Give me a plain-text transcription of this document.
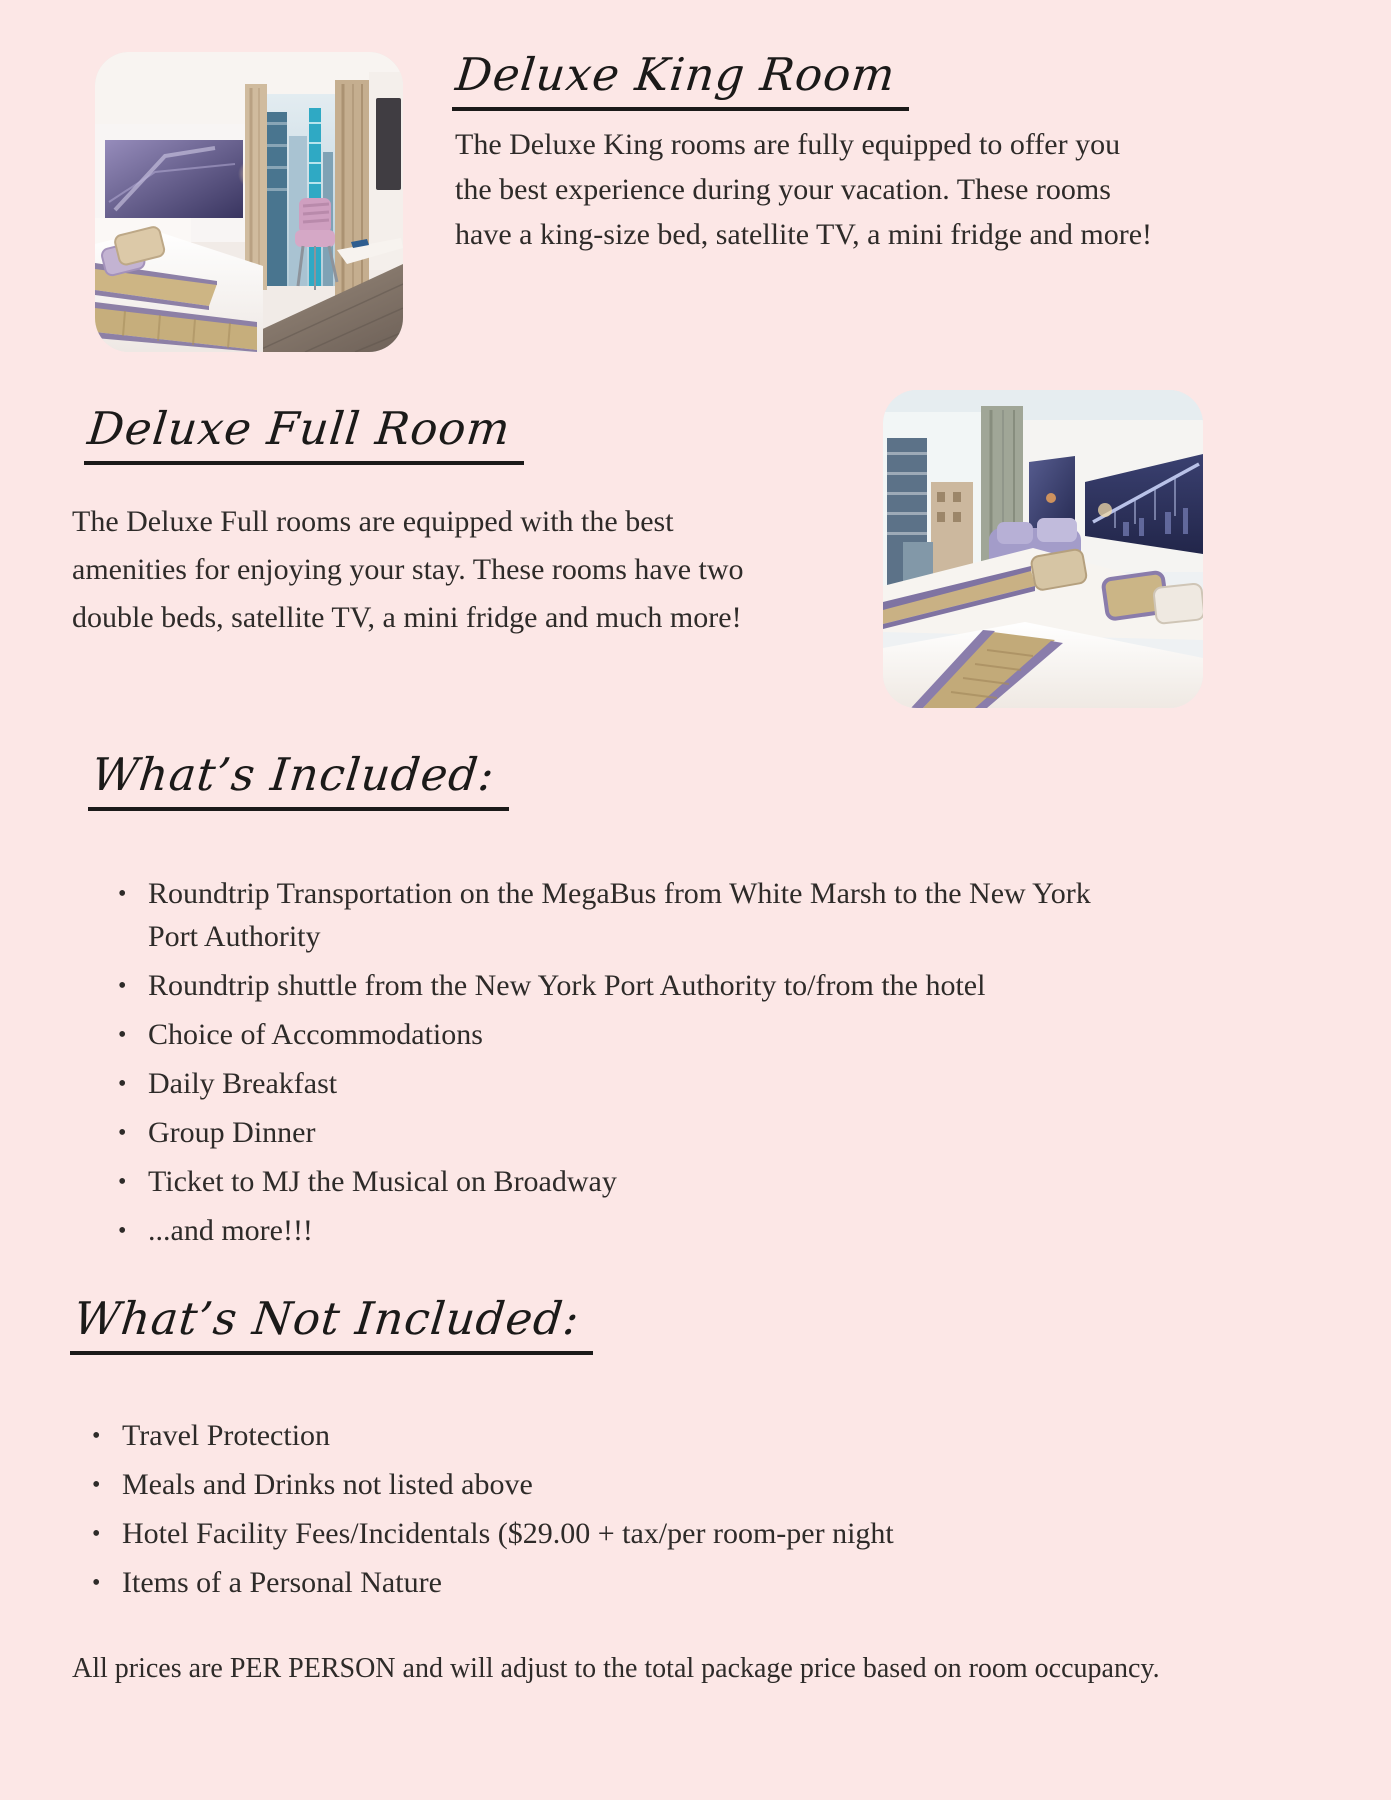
Deluxe King Room
The Deluxe King rooms are fully equipped to offer you the best experience during your vacation. These rooms have a king-size bed, satellite TV, a mini fridge and more!
Deluxe Full Room
The Deluxe Full rooms are equipped with the best amenities for enjoying your stay. These rooms have two double beds, satellite TV, a mini fridge and much more!
What’s Included:
• Roundtrip Transportation on the MegaBus from White Marsh to the New York Port Authority
• Roundtrip shuttle from the New York Port Authority to/from the hotel
• Choice of Accommodations
• Daily Breakfast
• Group Dinner
• Ticket to MJ the Musical on Broadway
• ...and more!!!
What’s Not Included:
• Travel Protection
• Meals and Drinks not listed above
• Hotel Facility Fees/Incidentals ($29.00 + tax/per room-per night
• Items of a Personal Nature
All prices are PER PERSON and will adjust to the total package price based on room occupancy.
